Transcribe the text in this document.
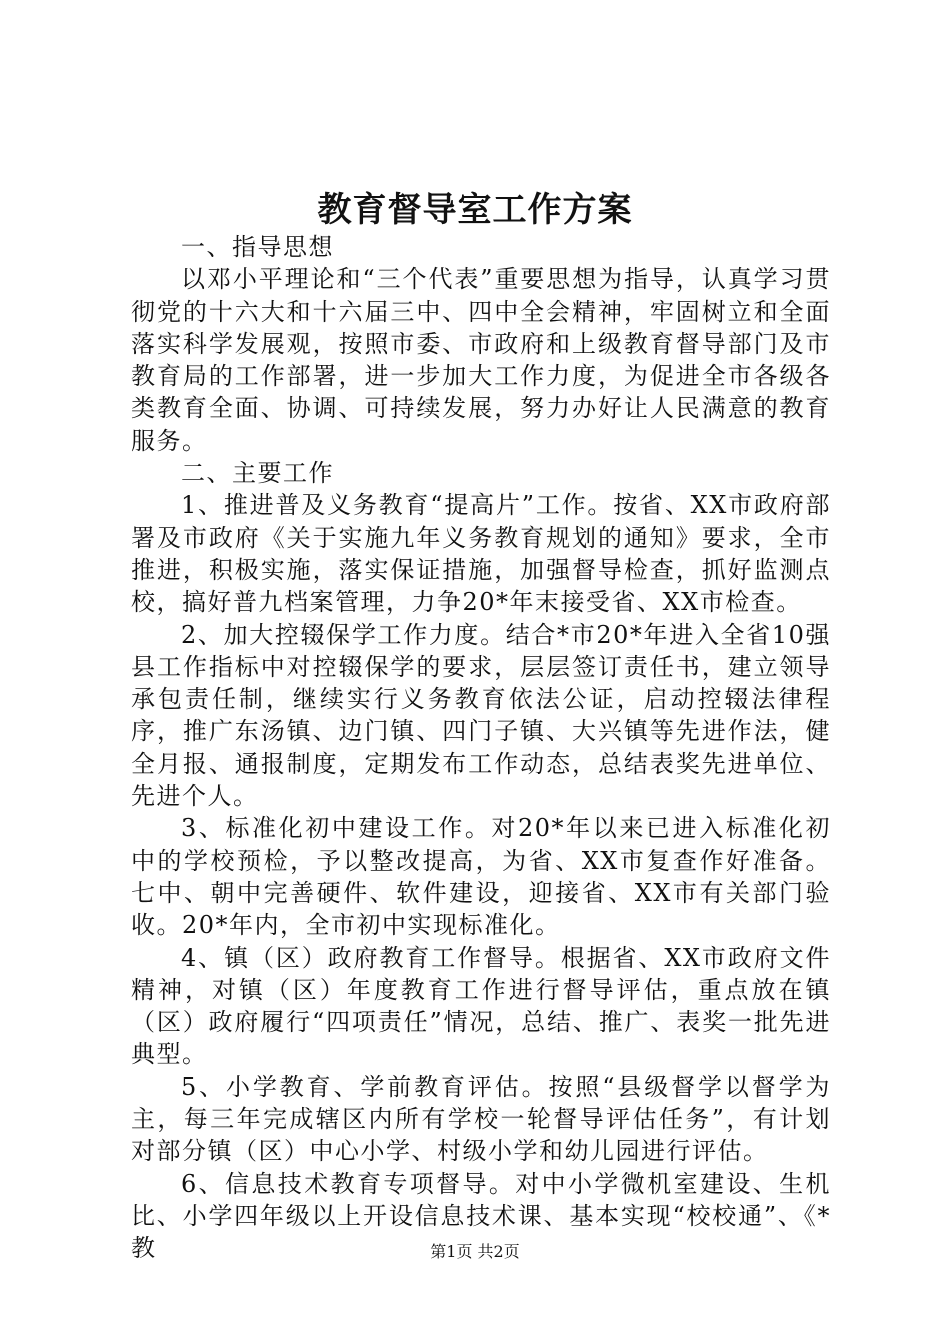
教育督导室工作方案

一、指导思想

以邓小平理论和“三个代表”重要思想为指导，认真学习贯彻党的十六大和十六届三中、四中全会精神，牢固树立和全面落实科学发展观，按照市委、市政府和上级教育督导部门及市教育局的工作部署，进一步加大工作力度，为促进全市各级各类教育全面、协调、可持续发展，努力办好让人民满意的教育服务。

二、主要工作

1、推进普及义务教育“提高片”工作。按省、XX市政府部署及市政府《关于实施九年义务教育规划的通知》要求，全市推进，积极实施，落实保证措施，加强督导检查，抓好监测点校，搞好普九档案管理，力争20*年末接受省、XX市检查。

2、加大控辍保学工作力度。结合*市20*年进入全省10强县工作指标中对控辍保学的要求，层层签订责任书，建立领导承包责任制，继续实行义务教育依法公证，启动控辍法律程序，推广东汤镇、边门镇、四门子镇、大兴镇等先进作法，健全月报、通报制度，定期发布工作动态，总结表奖先进单位、先进个人。

3、标准化初中建设工作。对20*年以来已进入标准化初中的学校预检，予以整改提高，为省、XX市复查作好准备。七中、朝中完善硬件、软件建设，迎接省、XX市有关部门验收。20*年内，全市初中实现标准化。

4、镇（区）政府教育工作督导。根据省、XX市政府文件精神，对镇（区）年度教育工作进行督导评估，重点放在镇（区）政府履行“四项责任”情况，总结、推广、表奖一批先进典型。

5、小学教育、学前教育评估。按照“县级督学以督学为主，每三年完成辖区内所有学校一轮督导评估任务”，有计划对部分镇（区）中心小学、村级小学和幼儿园进行评估。

6、信息技术教育专项督导。对中小学微机室建设、生机比、小学四年级以上开设信息技术课、基本实现“校校通”、《*教	第1页 共2页
